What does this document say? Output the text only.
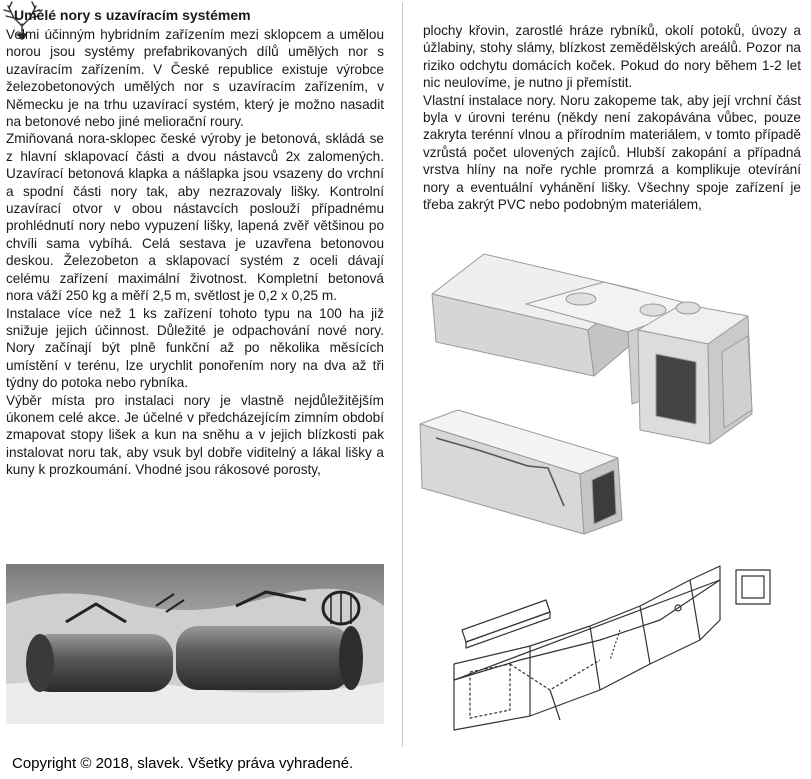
Umělé nory s uzavíracím systémem

Velmi účinným hybridním zařízením mezi sklopcem a umělou norou jsou systémy prefabrikovaných dílů umělých nor s uzavíracím zařízením. V České republice existuje výrobce železobetonových umělých nor s uzavíracím zařízením, v Německu je na trhu uzavírací systém, který je možno nasadit na betonové nebo jiné meliorační roury.

Zmiňovaná nora-sklopec české výroby je betonová, skládá se z hlavní sklapovací části a dvou nástavců 2x zalomených. Uzavírací betonová klapka a nášlapka jsou vsazeny do vrchní a spodní části nory tak, aby nezrazovaly lišky. Kontrolní uzavírací otvor v obou nástavcích poslouží případnému prohlédnutí nory nebo vypuzení lišky, lapená zvěř většinou po chvíli sama vybíhá. Celá sestava je uzavřena betonovou deskou. Železobeton a sklapovací systém z oceli dávají celému zařízení maximální životnost. Kompletní betonová nora váží 250 kg a měří 2,5 m, světlost je 0,2 x 0,25 m.

Instalace více než 1 ks zařízení tohoto typu na 100 ha již snižuje jejich účinnost. Důležité je odpachování nové nory. Nory začínají být plně funkční až po několika měsících umístění v terénu, lze urychlit ponořením nory na dva až tři týdny do potoka nebo rybníka.

Výběr místa pro instalaci nory je vlastně nejdůležitějším úkonem celé akce. Je účelné v předcházejícím zimním období zmapovat stopy lišek a kun na sněhu a v jejich blízkosti pak instalovat noru tak, aby vsuk byl dobře viditelný a lákal lišky a kuny k prozkoumání. Vhodné jsou rákosové porosty,

plochy křovin, zarostlé hráze rybníků, okolí potoků, úvozy a úžlabiny, stohy slámy, blízkost zemědělských areálů. Pozor na riziko odchytu domácích koček. Pokud do nory během 1-2 let nic neulovíme, je nutno ji přemístit.

Vlastní instalace nory. Noru zakopeme tak, aby její vrchní část byla v úrovni terénu (někdy není zakopávána vůbec, pouze zakryta terénní vlnou a přírodním materiálem, v tomto případě vzrůstá počet ulovených zajíců. Hlubší zakopání a případná vrstva hlíny na noře rychle promrzá a komplikuje otevírání nory a eventuální vyhánění lišky. Všechny spoje zařízení je třeba zakrýt PVC nebo podobným materiálem,

Copyright © 2018, slavek. Všetky práva vyhradené.
